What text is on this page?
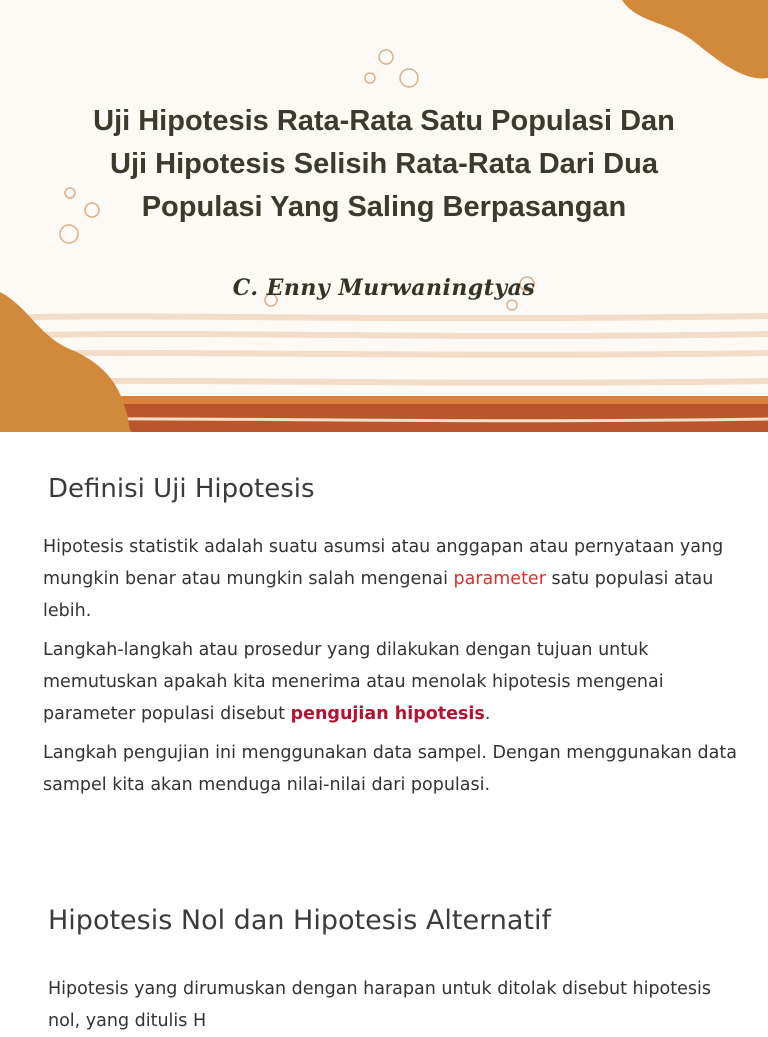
Uji Hipotesis Rata-Rata Satu Populasi Dan
Uji Hipotesis Selisih Rata-Rata Dari Dua
Populasi Yang Saling Berpasangan
C. Enny Murwaningtyas
Definisi Uji Hipotesis

Hipotesis statistik adalah suatu asumsi atau anggapan atau pernyataan yang mungkin benar atau mungkin salah mengenai parameter satu populasi atau lebih.

Langkah-langkah atau prosedur yang dilakukan dengan tujuan untuk memutuskan apakah kita menerima atau menolak hipotesis mengenai parameter populasi disebut pengujian hipotesis.

Langkah pengujian ini menggunakan data sampel. Dengan menggunakan data sampel kita akan menduga nilai-nilai dari populasi.

Hipotesis Nol dan Hipotesis Alternatif

Hipotesis yang dirumuskan dengan harapan untuk ditolak disebut hipotesis nol, yang ditulis H
